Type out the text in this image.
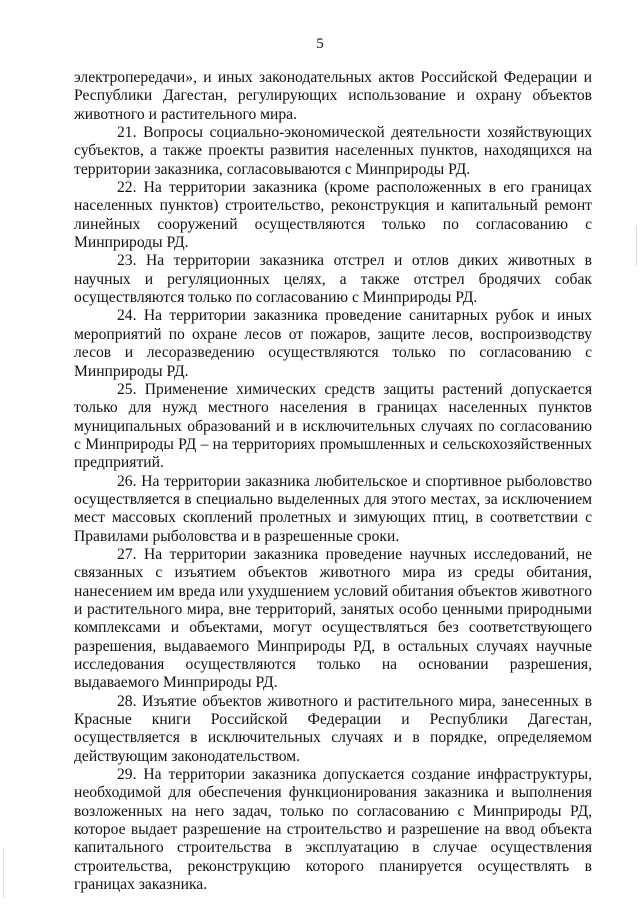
5

электропередачи», и иных законодательных актов Российской Федерации и Республики Дагестан, регулирующих использование и охрану объектов животного и растительного мира.

21. Вопросы социально-экономической деятельности хозяйствующих субъектов, а также проекты развития населенных пунктов, находящихся на территории заказника, согласовываются с Минприроды РД.

22. На территории заказника (кроме расположенных в его границах населенных пунктов) строительство, реконструкция и капитальный ремонт линейных сооружений осуществляются только по согласованию с Минприроды РД.

23. На территории заказника отстрел и отлов диких животных в научных и регуляционных целях, а также отстрел бродячих собак осуществляются только по согласованию с Минприроды РД.

24. На территории заказника проведение санитарных рубок и иных мероприятий по охране лесов от пожаров, защите лесов, воспроизводству лесов и лесоразведению осуществляются только по согласованию с Минприроды РД.

25. Применение химических средств защиты растений допускается только для нужд местного населения в границах населенных пунктов муниципальных образований и в исключительных случаях по согласованию с Минприроды РД – на территориях промышленных и сельскохозяйственных предприятий.

26. На территории заказника любительское и спортивное рыболовство осуществляется в специально выделенных для этого местах, за исключением мест массовых скоплений пролетных и зимующих птиц, в соответствии с Правилами рыболовства и в разрешенные сроки.

27. На территории заказника проведение научных исследований, не связанных с изъятием объектов животного мира из среды обитания, нанесением им вреда или ухудшением условий обитания объектов животного и растительного мира, вне территорий, занятых особо ценными природными комплексами и объектами, могут осуществляться без соответствующего разрешения, выдаваемого Минприроды РД, в остальных случаях научные исследования осуществляются только на основании разрешения, выдаваемого Минприроды РД.

28. Изъятие объектов животного и растительного мира, занесенных в Красные книги Российской Федерации и Республики Дагестан, осуществляется в исключительных случаях и в порядке, определяемом действующим законодательством.

29. На территории заказника допускается создание инфраструктуры, необходимой для обеспечения функционирования заказника и выполнения возложенных на него задач, только по согласованию с Минприроды РД, которое выдает разрешение на строительство и разрешение на ввод объекта капитального строительства в эксплуатацию в случае осуществления строительства, реконструкцию которого планируется осуществлять в границах заказника.
